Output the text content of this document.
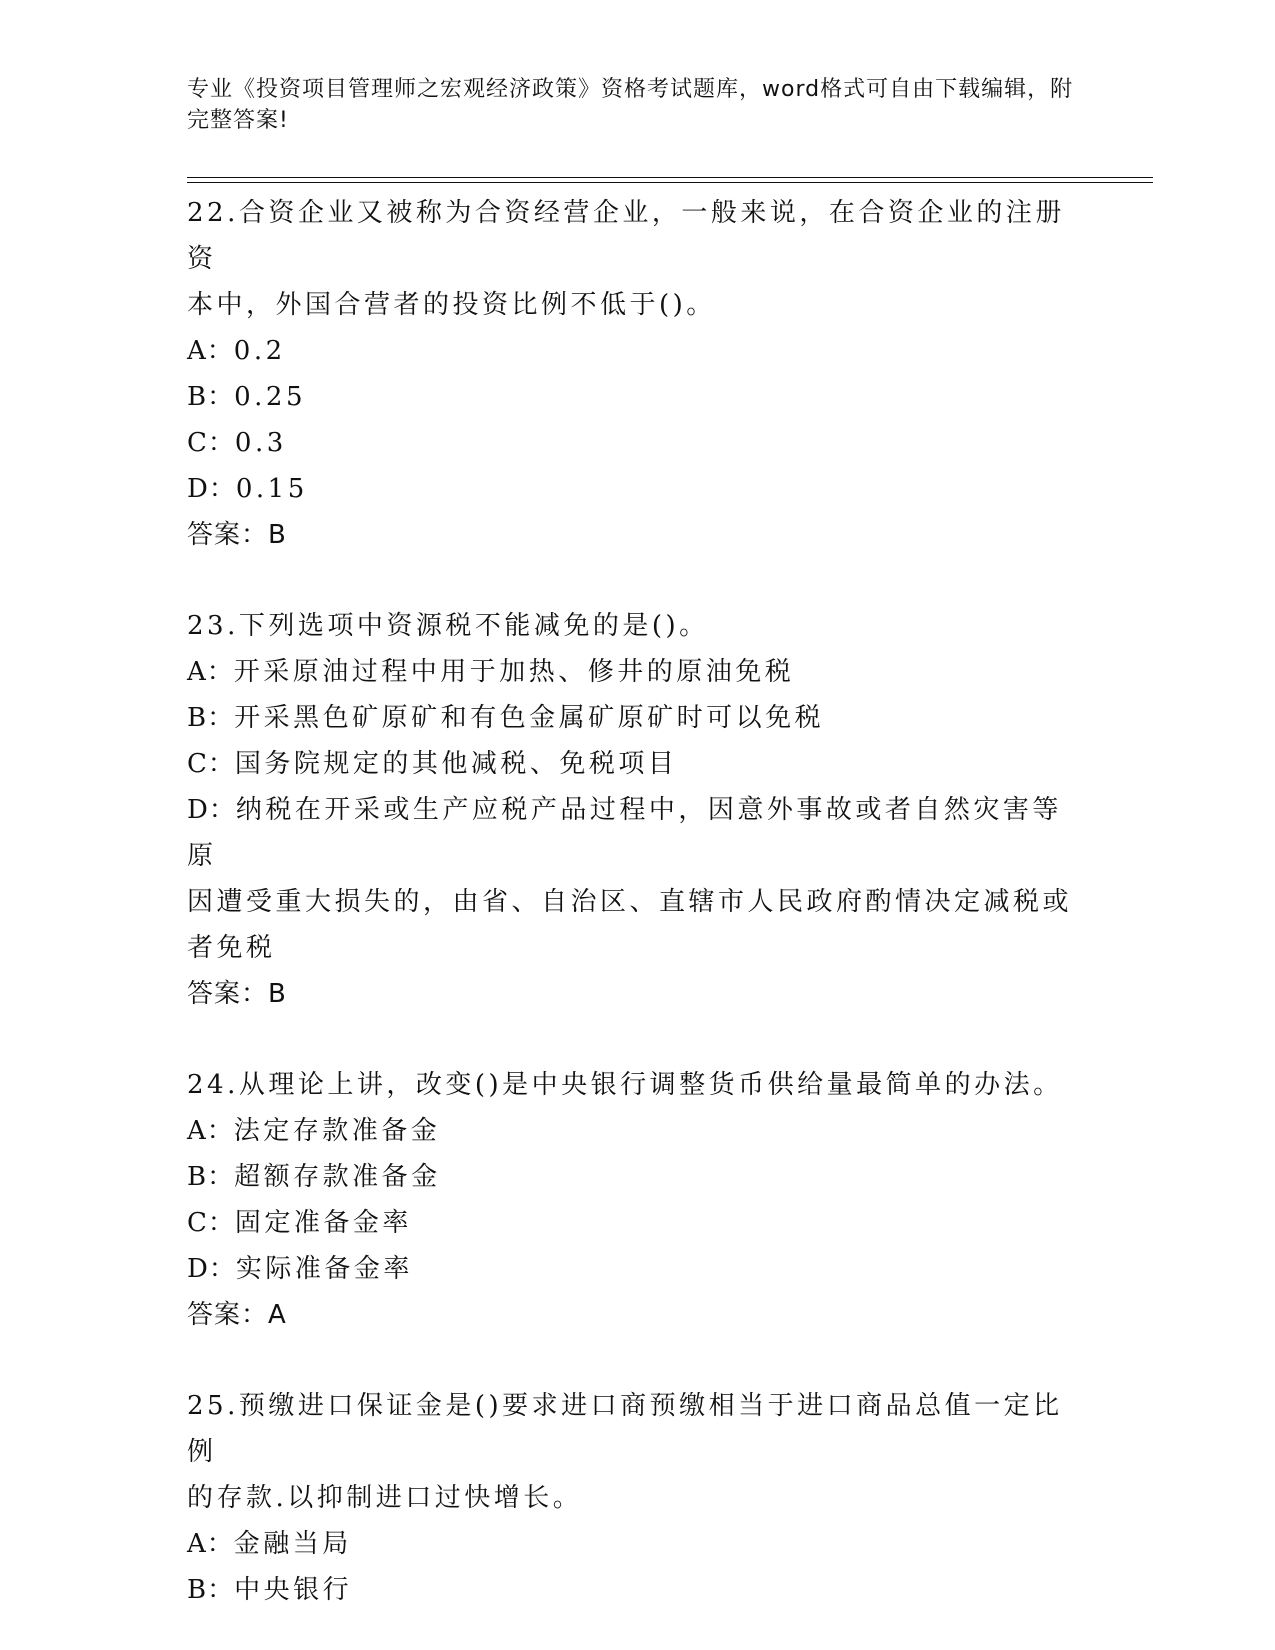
专业《投资项目管理师之宏观经济政策》资格考试题库，word格式可自由下载编辑，附完整答案!
22.合资企业又被称为合资经营企业，一般来说，在合资企业的注册资
本中，外国合营者的投资比例不低于()。
A：0.2
B：0.25
C：0.3
D：0.15
答案：B
23.下列选项中资源税不能减免的是()。
A：开采原油过程中用于加热、修井的原油免税
B：开采黑色矿原矿和有色金属矿原矿时可以免税
C：国务院规定的其他减税、免税项目
D：纳税在开采或生产应税产品过程中，因意外事故或者自然灾害等原
因遭受重大损失的，由省、自治区、直辖市人民政府酌情决定减税或
者免税
答案：B
24.从理论上讲，改变()是中央银行调整货币供给量最简单的办法。
A：法定存款准备金
B：超额存款准备金
C：固定准备金率
D：实际准备金率
答案：A
25.预缴进口保证金是()要求进口商预缴相当于进口商品总值一定比例
的存款.以抑制进口过快增长。
A：金融当局
B：中央银行
